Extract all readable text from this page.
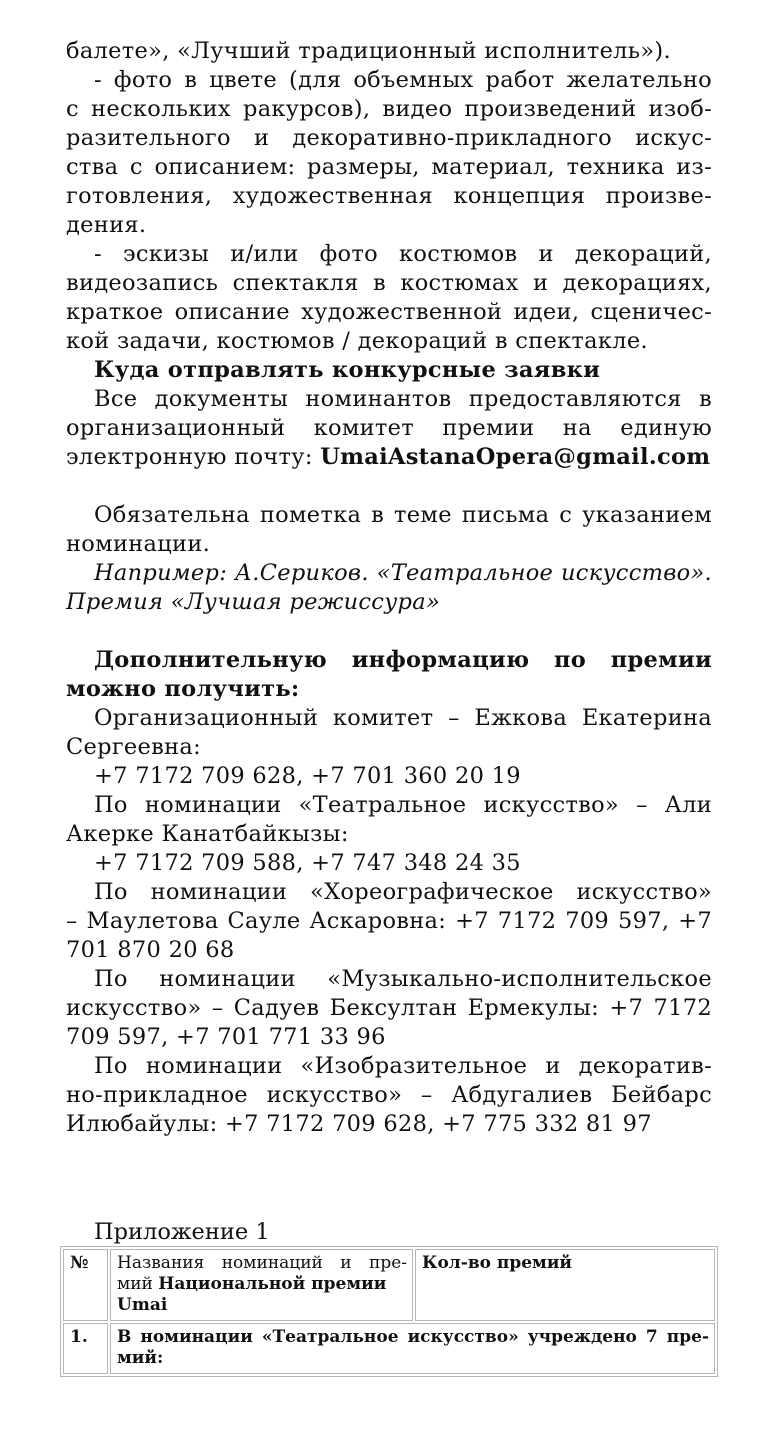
балете», «Лучший традиционный исполнитель»).
- фото в цвете (для объемных работ желательно
с нескольких ракурсов), видео произведений изоб-
разительного и декоративно-прикладного искус-
ства с описанием: размеры, материал, техника из-
готовления, художественная концепция произве-
дения.
- эскизы и/или фото костюмов и декораций,
видеозапись спектакля в костюмах и декорациях,
краткое описание художественной идеи, сценичес-
кой задачи, костюмов / декораций в спектакле.
Куда отправлять конкурсные заявки
Все документы номинантов предоставляются в
организационный комитет премии на единую
электронную почту: UmaiAstanaOpera@gmail.com
Обязательна пометка в теме письма с указанием
номинации.
Например: А.Сериков. «Театральное искусство».
Премия «Лучшая режиссура»
Дополнительную информацию по премии
можно получить:
Организационный комитет – Ежкова Екатерина
Сергеевна:
+7 7172 709 628, +7 701 360 20 19
По номинации «Театральное искусство» – Али
Акерке Канатбайкызы:
+7 7172 709 588, +7 747 348 24 35
По номинации «Хореографическое искусство»
– Маулетова Сауле Аскаровна: +7 7172 709 597, +7
701 870 20 68
По номинации «Музыкально-исполнительское
искусство» – Садуев Бексултан Ермекулы: +7 7172
709 597, +7 701 771 33 96
По номинации «Изобразительное и декоратив-
но-прикладное искусство» – Абдугалиев Бейбарс
Илюбайулы: +7 7172 709 628, +7 775 332 81 97
Приложение 1
№	Названия номинаций и пре-
мий Национальной премии
Umai	Кол-во премий
1.	В номинации «Театральное искусство» учреждено 7 пре-
мий:	
